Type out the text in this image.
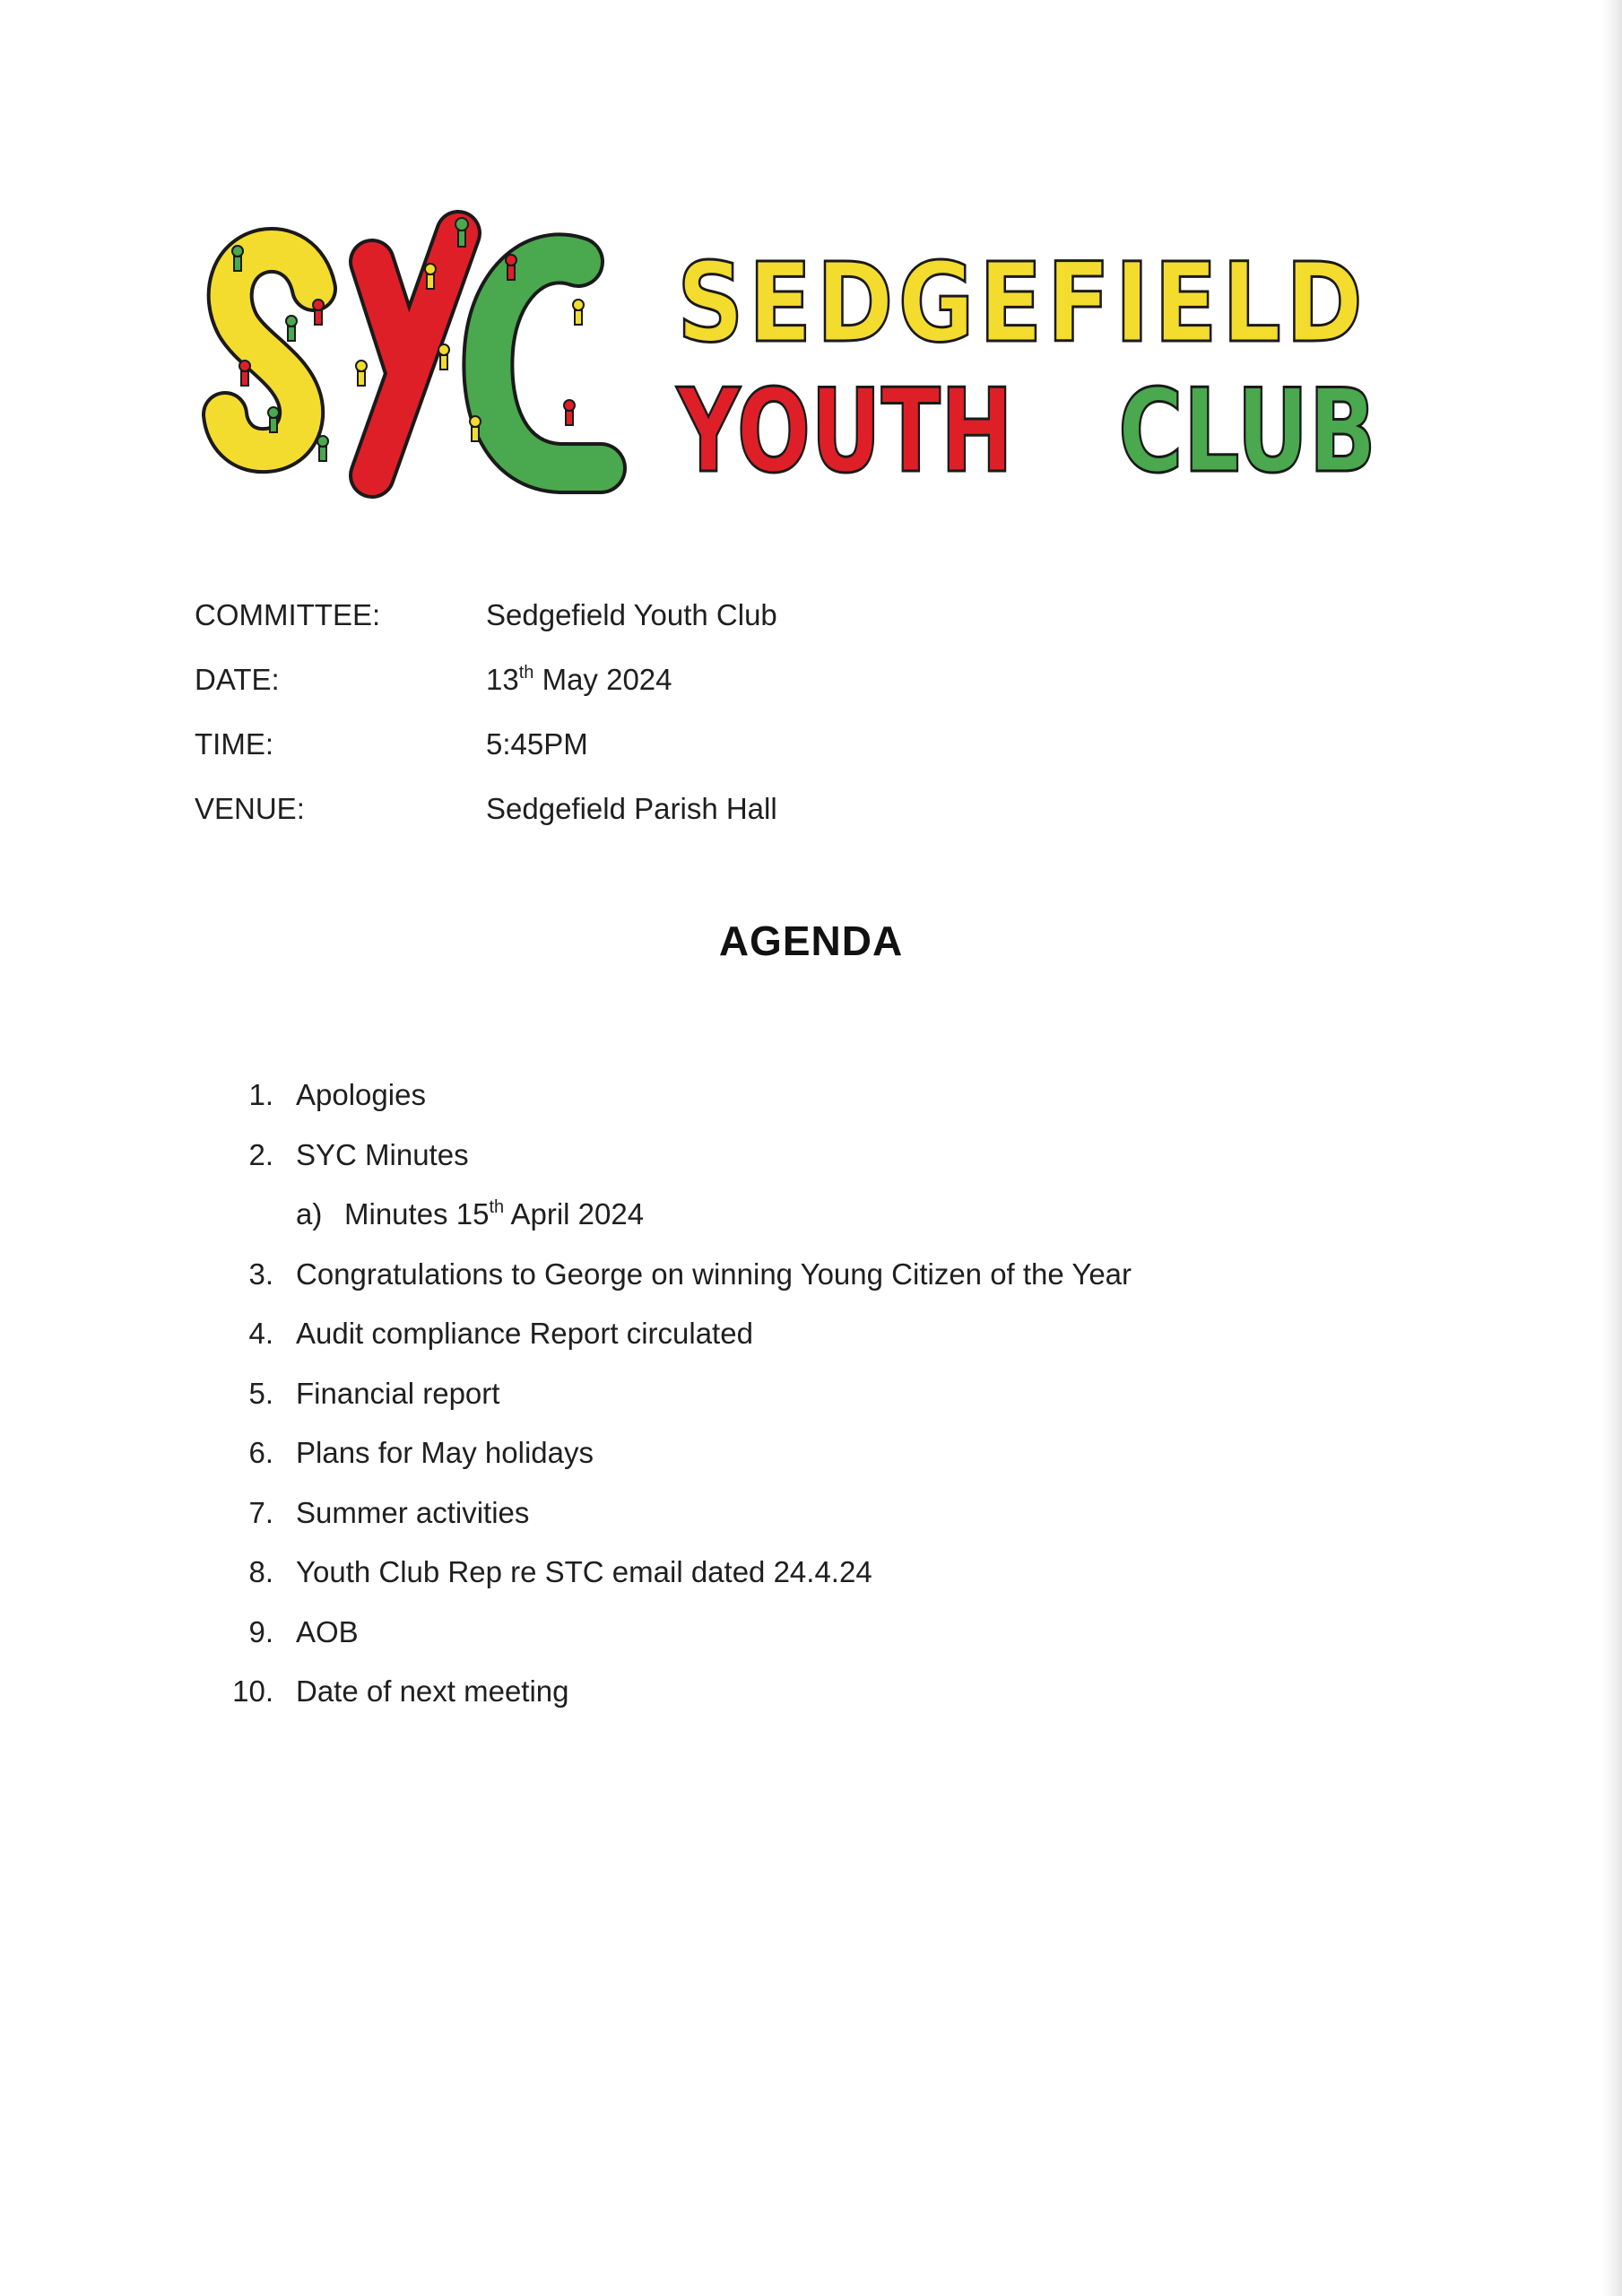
SEDGEFIELD
YOUTH CLUB
COMMITTEE:	Sedgefield Youth Club
DATE:	13th May 2024
TIME:	5:45PM
VENUE:	Sedgefield Parish Hall
AGENDA
1. Apologies
2. SYC Minutes
a) Minutes 15th April 2024
3. Congratulations to George on winning Young Citizen of the Year
4. Audit compliance Report circulated
5. Financial report
6. Plans for May holidays
7. Summer activities
8. Youth Club Rep re STC email dated 24.4.24
9. AOB
10. Date of next meeting
